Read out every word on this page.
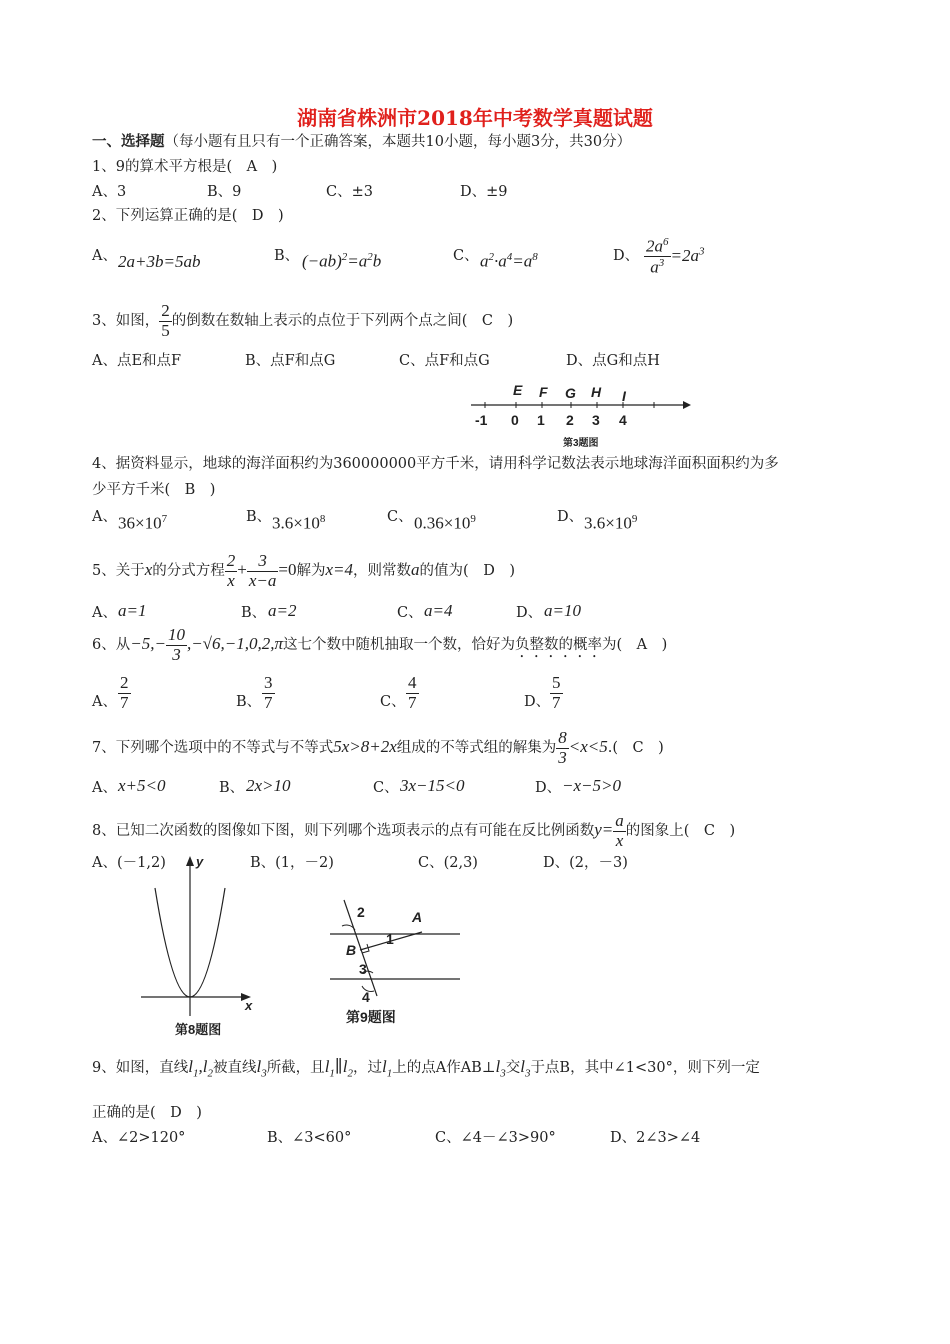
湖南省株洲市2018年中考数学真题试题
一、选择题（每小题有且只有一个正确答案，本题共10小题，每小题3分，共30分）
1、9的算术平方根是(　A　)
A、3	B、9	C、±3	D、±9
2、下列运算正确的是(　D　)
A、 2a+3b=5ab	B、 $(-ab)^2=a^2b$	C、 $a^2\cdot a^4=a^8$	D、 $\frac{2a^6}{a^3} =2a^3$
3、如图， $\frac{2}{5}$ 的倒数在数轴上表示的点位于下列两个点之间(　C　)
A、点E和点F	B、点F和点G	C、点F和点G	D、点G和点H
E F G H I
-1 0 1 2 3 4
第3题图
4、据资料显示，地球的海洋面积约为360000000平方千米，请用科学记数法表示地球海洋面积面积约为多
少平方千米(　B　)
A、 $36\times 10^7$	B、 $3.6\times 10^8$	C、 $0.36\times 10^9$	D、 $3.6\times 10^9$
5、关于x的分式方程 $\frac{2}{x} + \frac{3}{x-a} =0$解为x=4，则常数a的值为(　D　)
A、 a=1	B、 a=2	C、 a=4	D、 a=10
6、从$-5,- \frac{10}{3} ,-√6,-1,0,2,\pi$这七个数中随机抽取一个数，恰好为负整数的概率为(　A　)
A、 $\frac{2}{7}$	B、 $\frac{3}{7}$	C、 $\frac{4}{7}$	D、 $\frac{5}{7}$
7、下列哪个选项中的不等式与不等式5x>8+2x组成的不等式组的解集为 $\frac{8}{3} <x<5$.(　C　)
A、 x+5<0	B、 2x>10	C、 3x−15<0	D、 −x−5>0
8、已知二次函数的图像如下图，则下列哪个选项表示的点有可能在反比例函数$y= \frac{a}{x}$ 的图象上(　C　)
A、(－1,2)	B、(1，－2)	C、(2,3)	D、(2，－3)
y
x
第8题图
2	A
1
B
3
4
第9题图
9、如图，直线$l_1,l_2$被直线$l_3$所截，且$l_1\parallel l_2$，过$l_1$上的点A作$AB\perp l_3$交$l_3$于点B，其中∠1<30°，则下列一定
正确的是(　D　)
A、∠2>120°	B、∠3<60°	C、∠4－∠3>90°	D、2∠3>∠4
